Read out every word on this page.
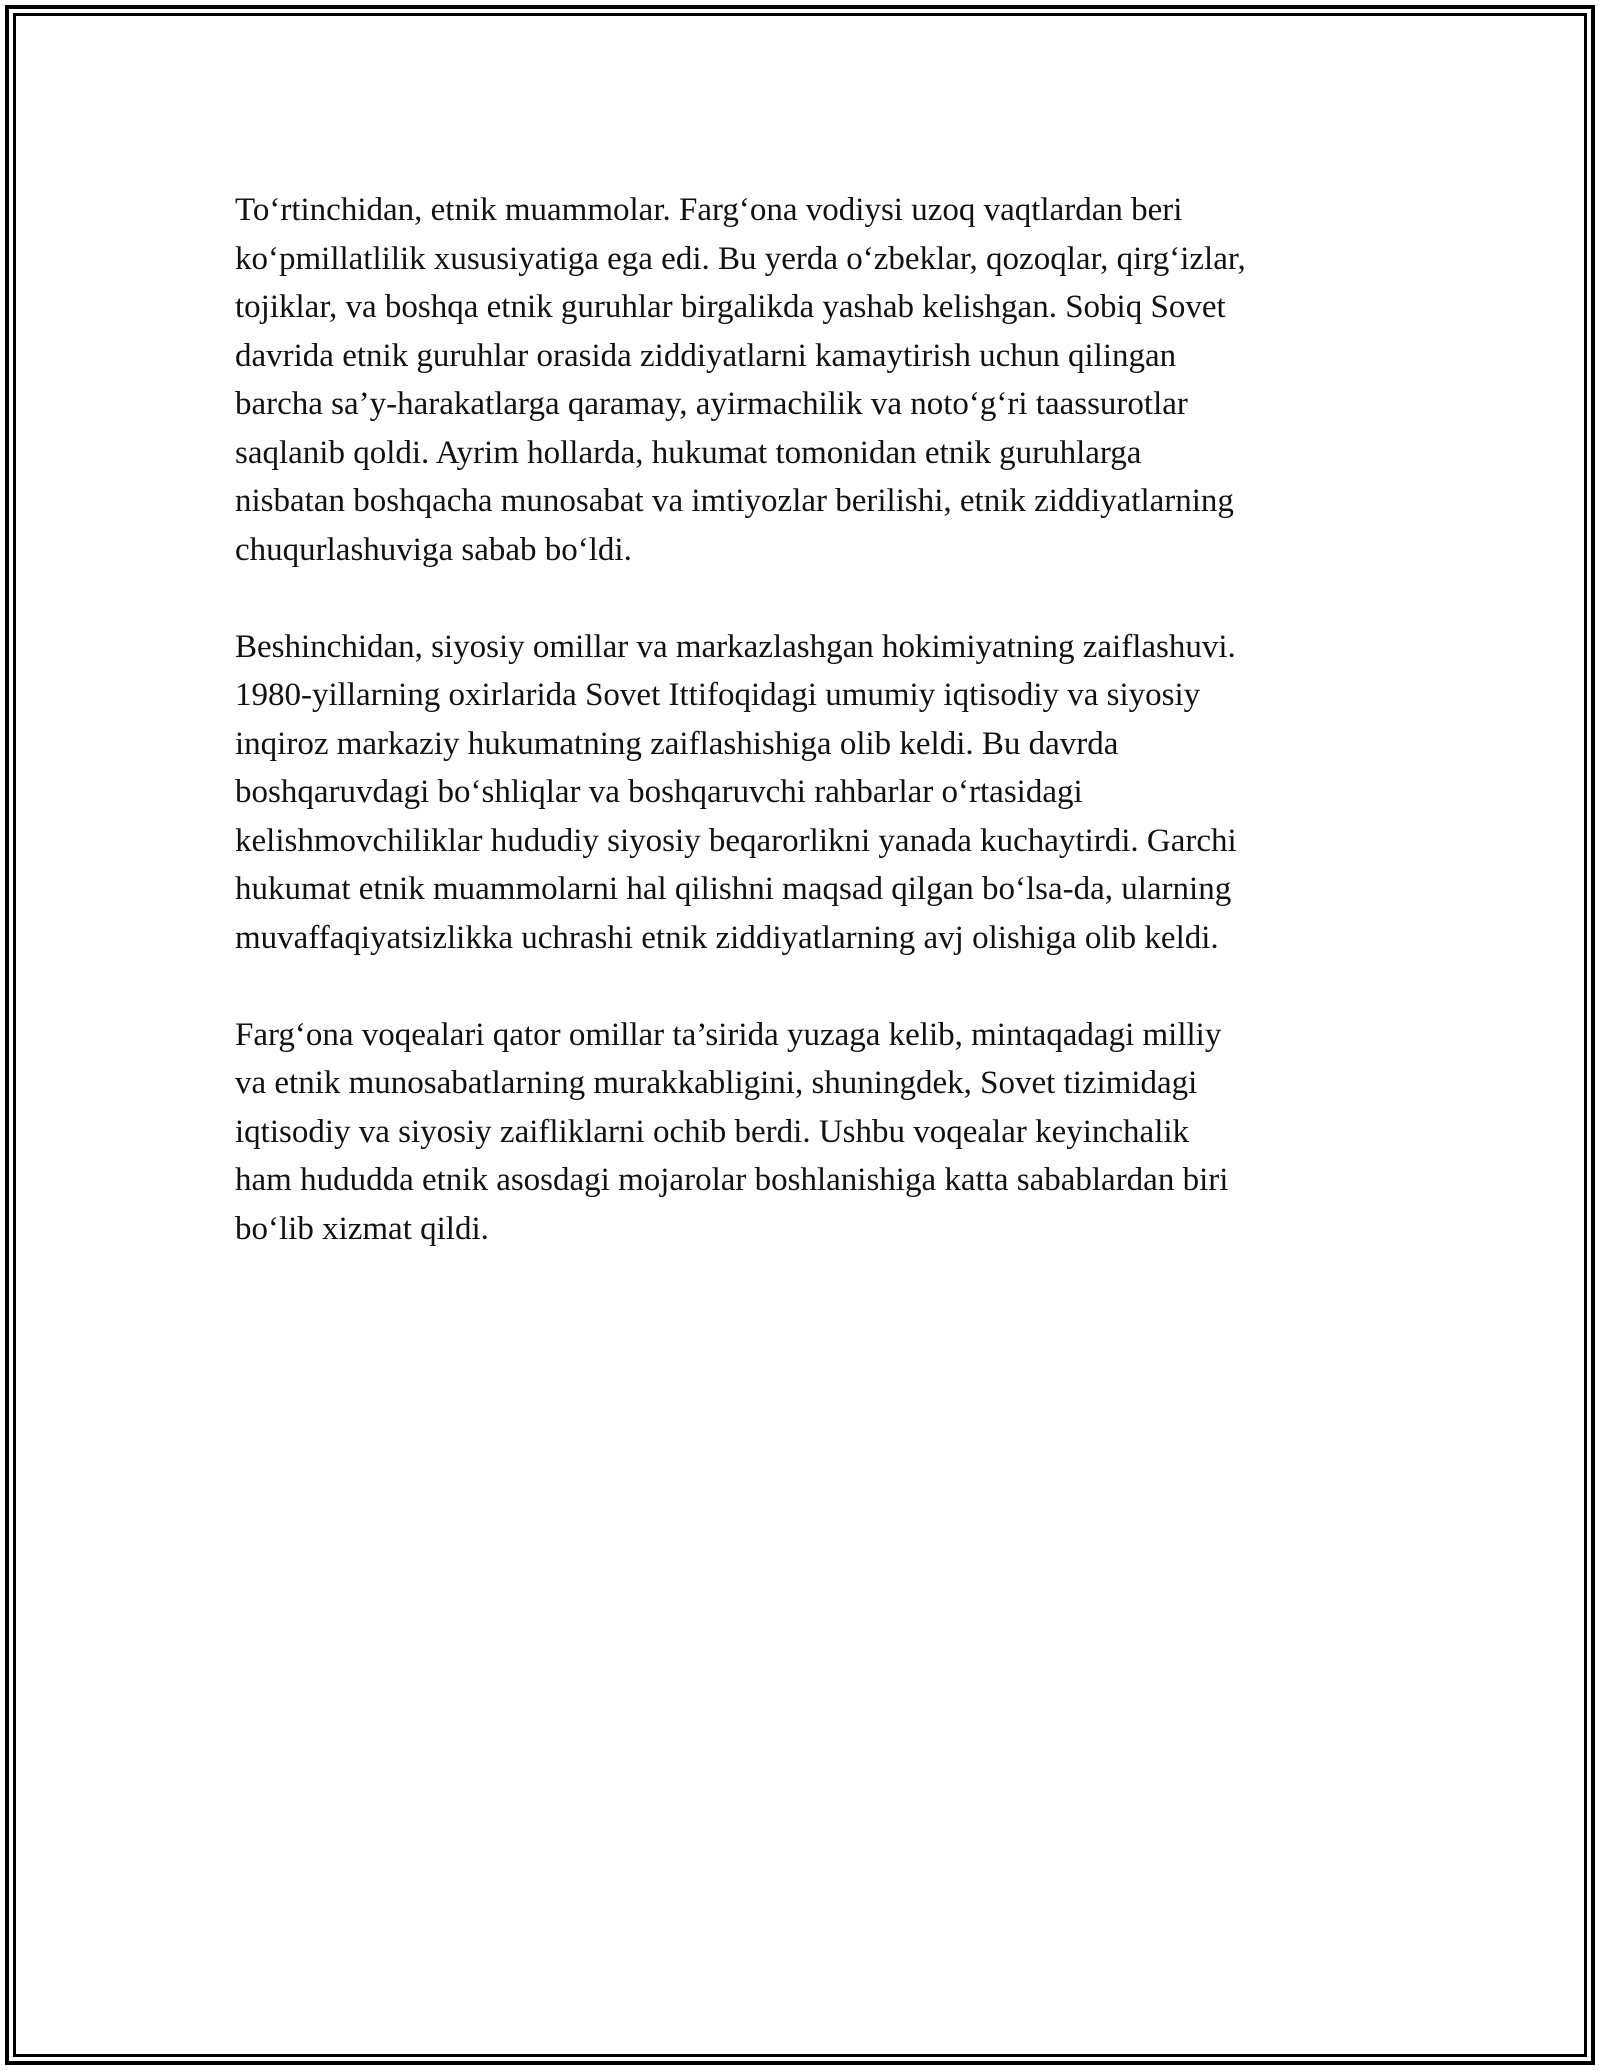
To‘rtinchidan, etnik muammolar. Farg‘ona vodiysi uzoq vaqtlardan beri
ko‘pmillatlilik xususiyatiga ega edi. Bu yerda o‘zbeklar, qozoqlar, qirg‘izlar,
tojiklar, va boshqa etnik guruhlar birgalikda yashab kelishgan. Sobiq Sovet
davrida etnik guruhlar orasida ziddiyatlarni kamaytirish uchun qilingan
barcha sa’y-harakatlarga qaramay, ayirmachilik va noto‘g‘ri taassurotlar
saqlanib qoldi. Ayrim hollarda, hukumat tomonidan etnik guruhlarga
nisbatan boshqacha munosabat va imtiyozlar berilishi, etnik ziddiyatlarning
chuqurlashuviga sabab bo‘ldi.

Beshinchidan, siyosiy omillar va markazlashgan hokimiyatning zaiflashuvi.
1980-yillarning oxirlarida Sovet Ittifoqidagi umumiy iqtisodiy va siyosiy
inqiroz markaziy hukumatning zaiflashishiga olib keldi. Bu davrda
boshqaruvdagi bo‘shliqlar va boshqaruvchi rahbarlar o‘rtasidagi
kelishmovchiliklar hududiy siyosiy beqarorlikni yanada kuchaytirdi. Garchi
hukumat etnik muammolarni hal qilishni maqsad qilgan bo‘lsa-da, ularning
muvaffaqiyatsizlikka uchrashi etnik ziddiyatlarning avj olishiga olib keldi.

Farg‘ona voqealari qator omillar ta’sirida yuzaga kelib, mintaqadagi milliy
va etnik munosabatlarning murakkabligini, shuningdek, Sovet tizimidagi
iqtisodiy va siyosiy zaifliklarni ochib berdi. Ushbu voqealar keyinchalik
ham hududda etnik asosdagi mojarolar boshlanishiga katta sabablardan biri
bo‘lib xizmat qildi.
